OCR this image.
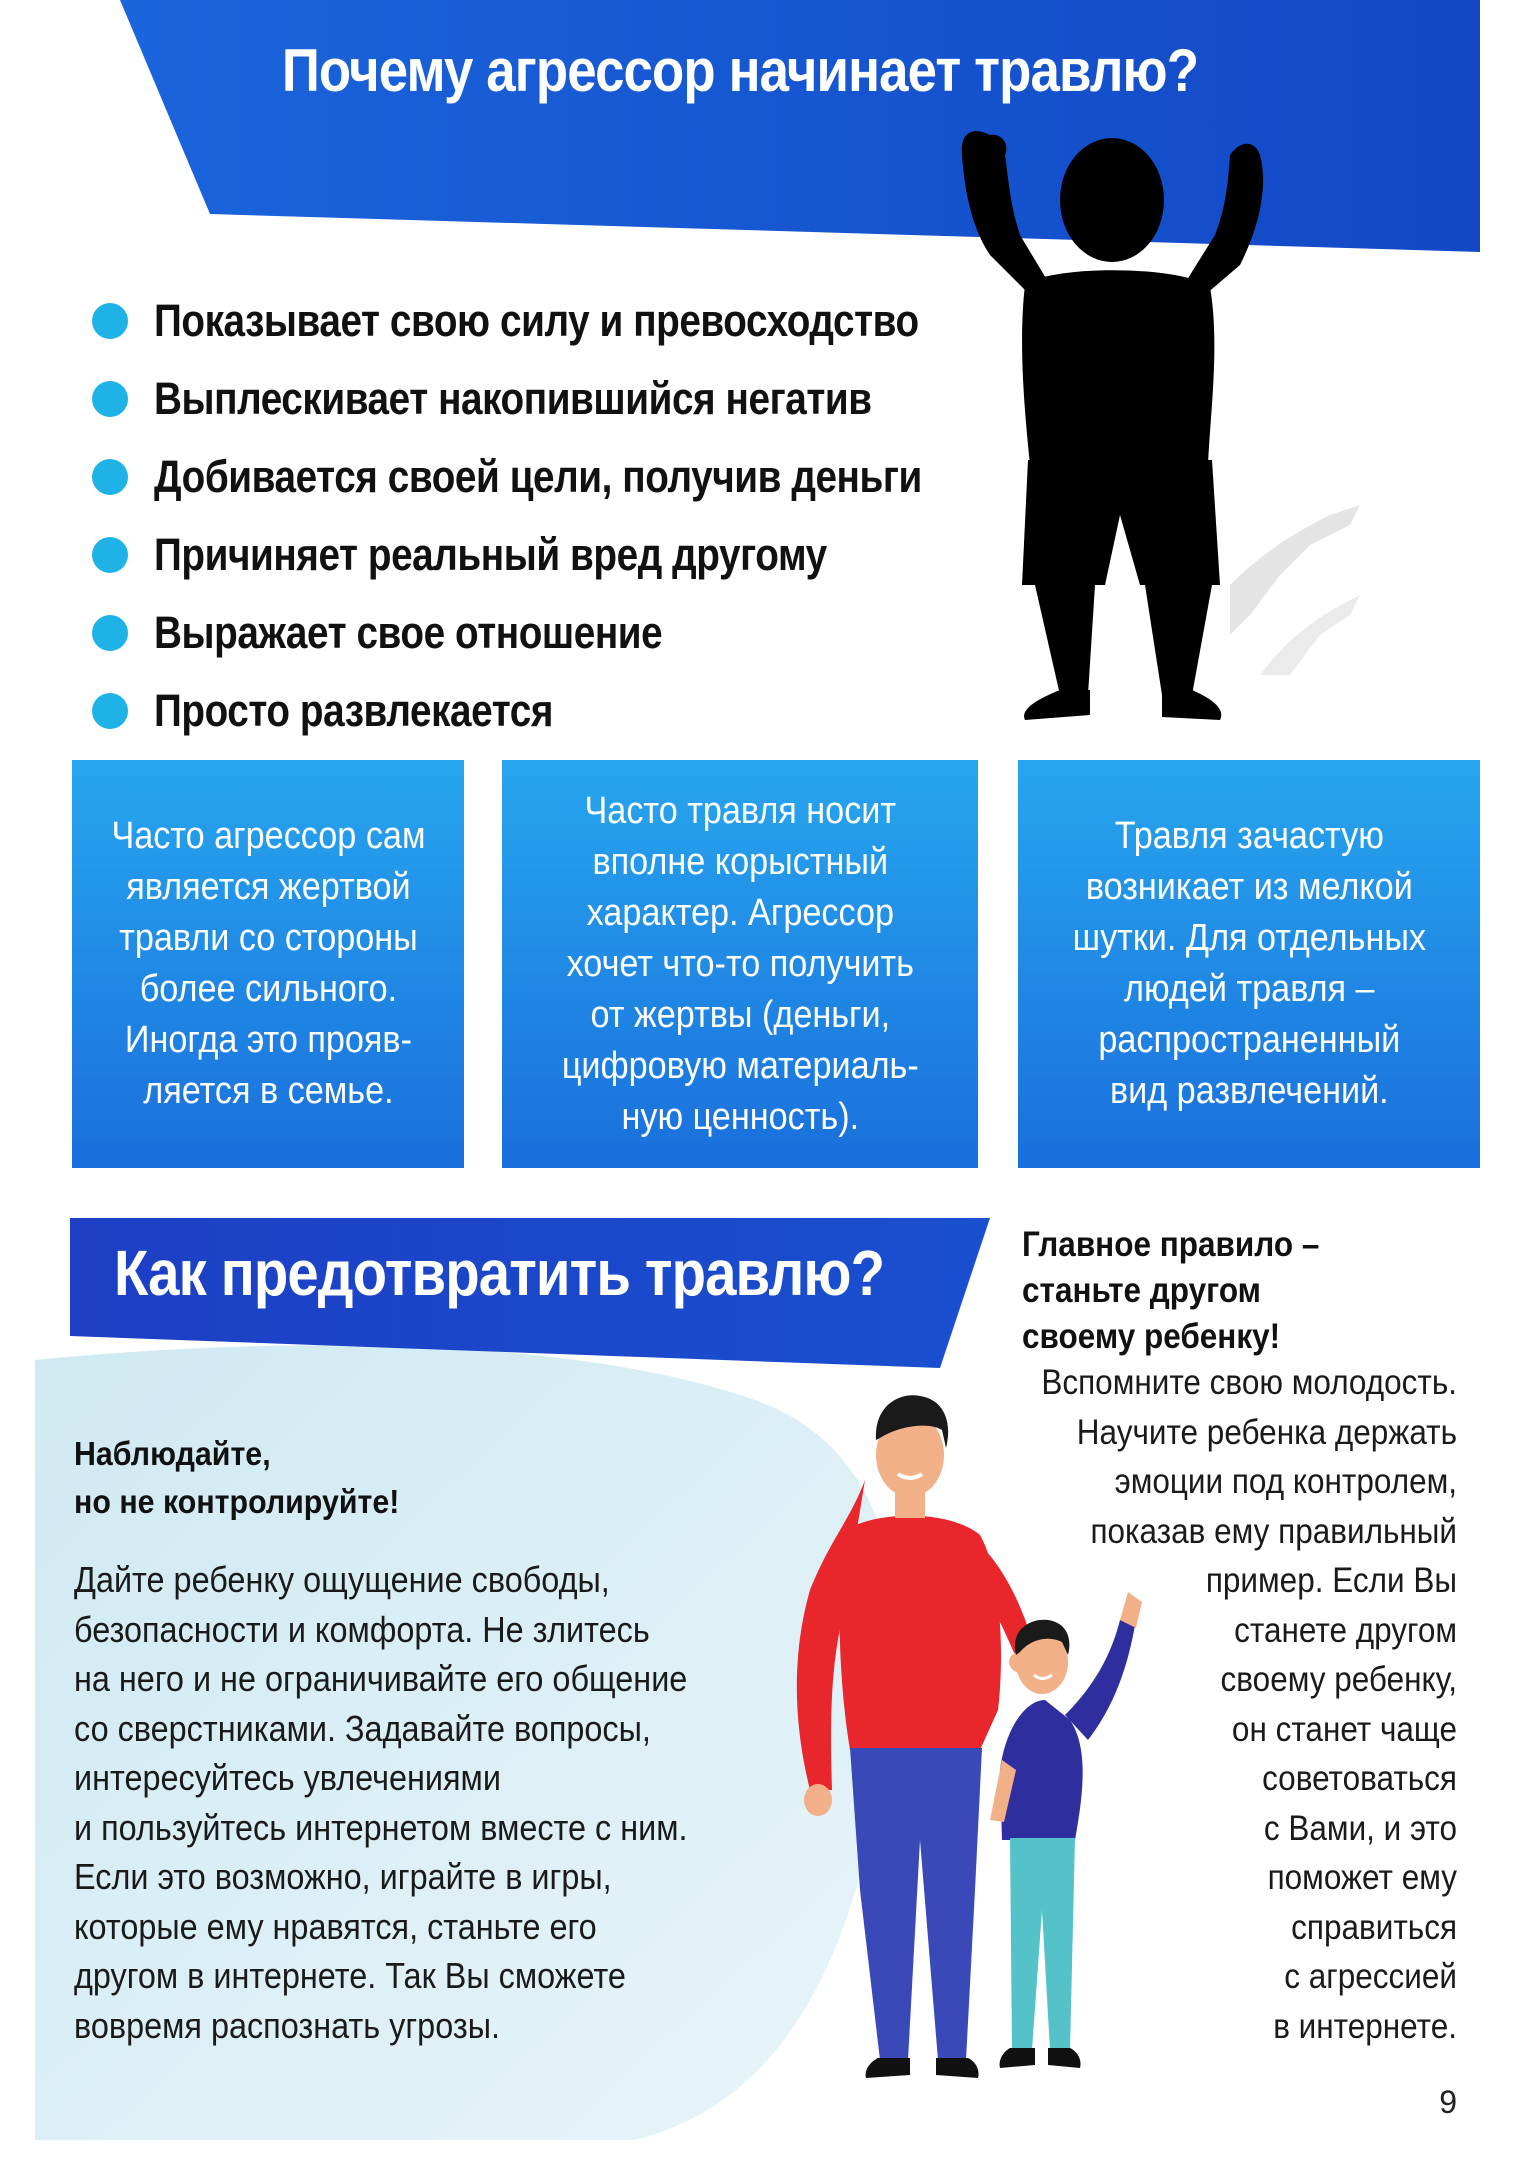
Почему агрессор начинает травлю?
Показывает свою силу и превосходство
Выплескивает накопившийся негатив
Добивается своей цели, получив деньги
Причиняет реальный вред другому
Выражает свое отношение
Просто развлекается
Часто агрессор сам
является жертвой
травли со стороны
более сильного.
Иногда это прояв-
ляется в семье.
Часто травля носит
вполне корыстный
характер. Агрессор
хочет что-то получить
от жертвы (деньги,
цифровую материаль-
ную ценность).
Травля зачастую
возникает из мелкой
шутки. Для отдельных
людей травля –
распространенный
вид развлечений.
Как предотвратить травлю?
Наблюдайте,
но не контролируйте!
Дайте ребенку ощущение свободы,
безопасности и комфорта. Не злитесь
на него и не ограничивайте его общение
со сверстниками. Задавайте вопросы,
интересуйтесь увлечениями
и пользуйтесь интернетом вместе с ним.
Если это возможно, играйте в игры,
которые ему нравятся, станьте его
другом в интернете. Так Вы сможете
вовремя распознать угрозы.
Главное правило –
станьте другом
своему ребенку!
Вспомните свою молодость.
Научите ребенка держать
эмоции под контролем,
показав ему правильный
пример. Если Вы
станете другом
своему ребенку,
он станет чаще
советоваться
с Вами, и это
поможет ему
справиться
с агрессией
в интернете.
9
